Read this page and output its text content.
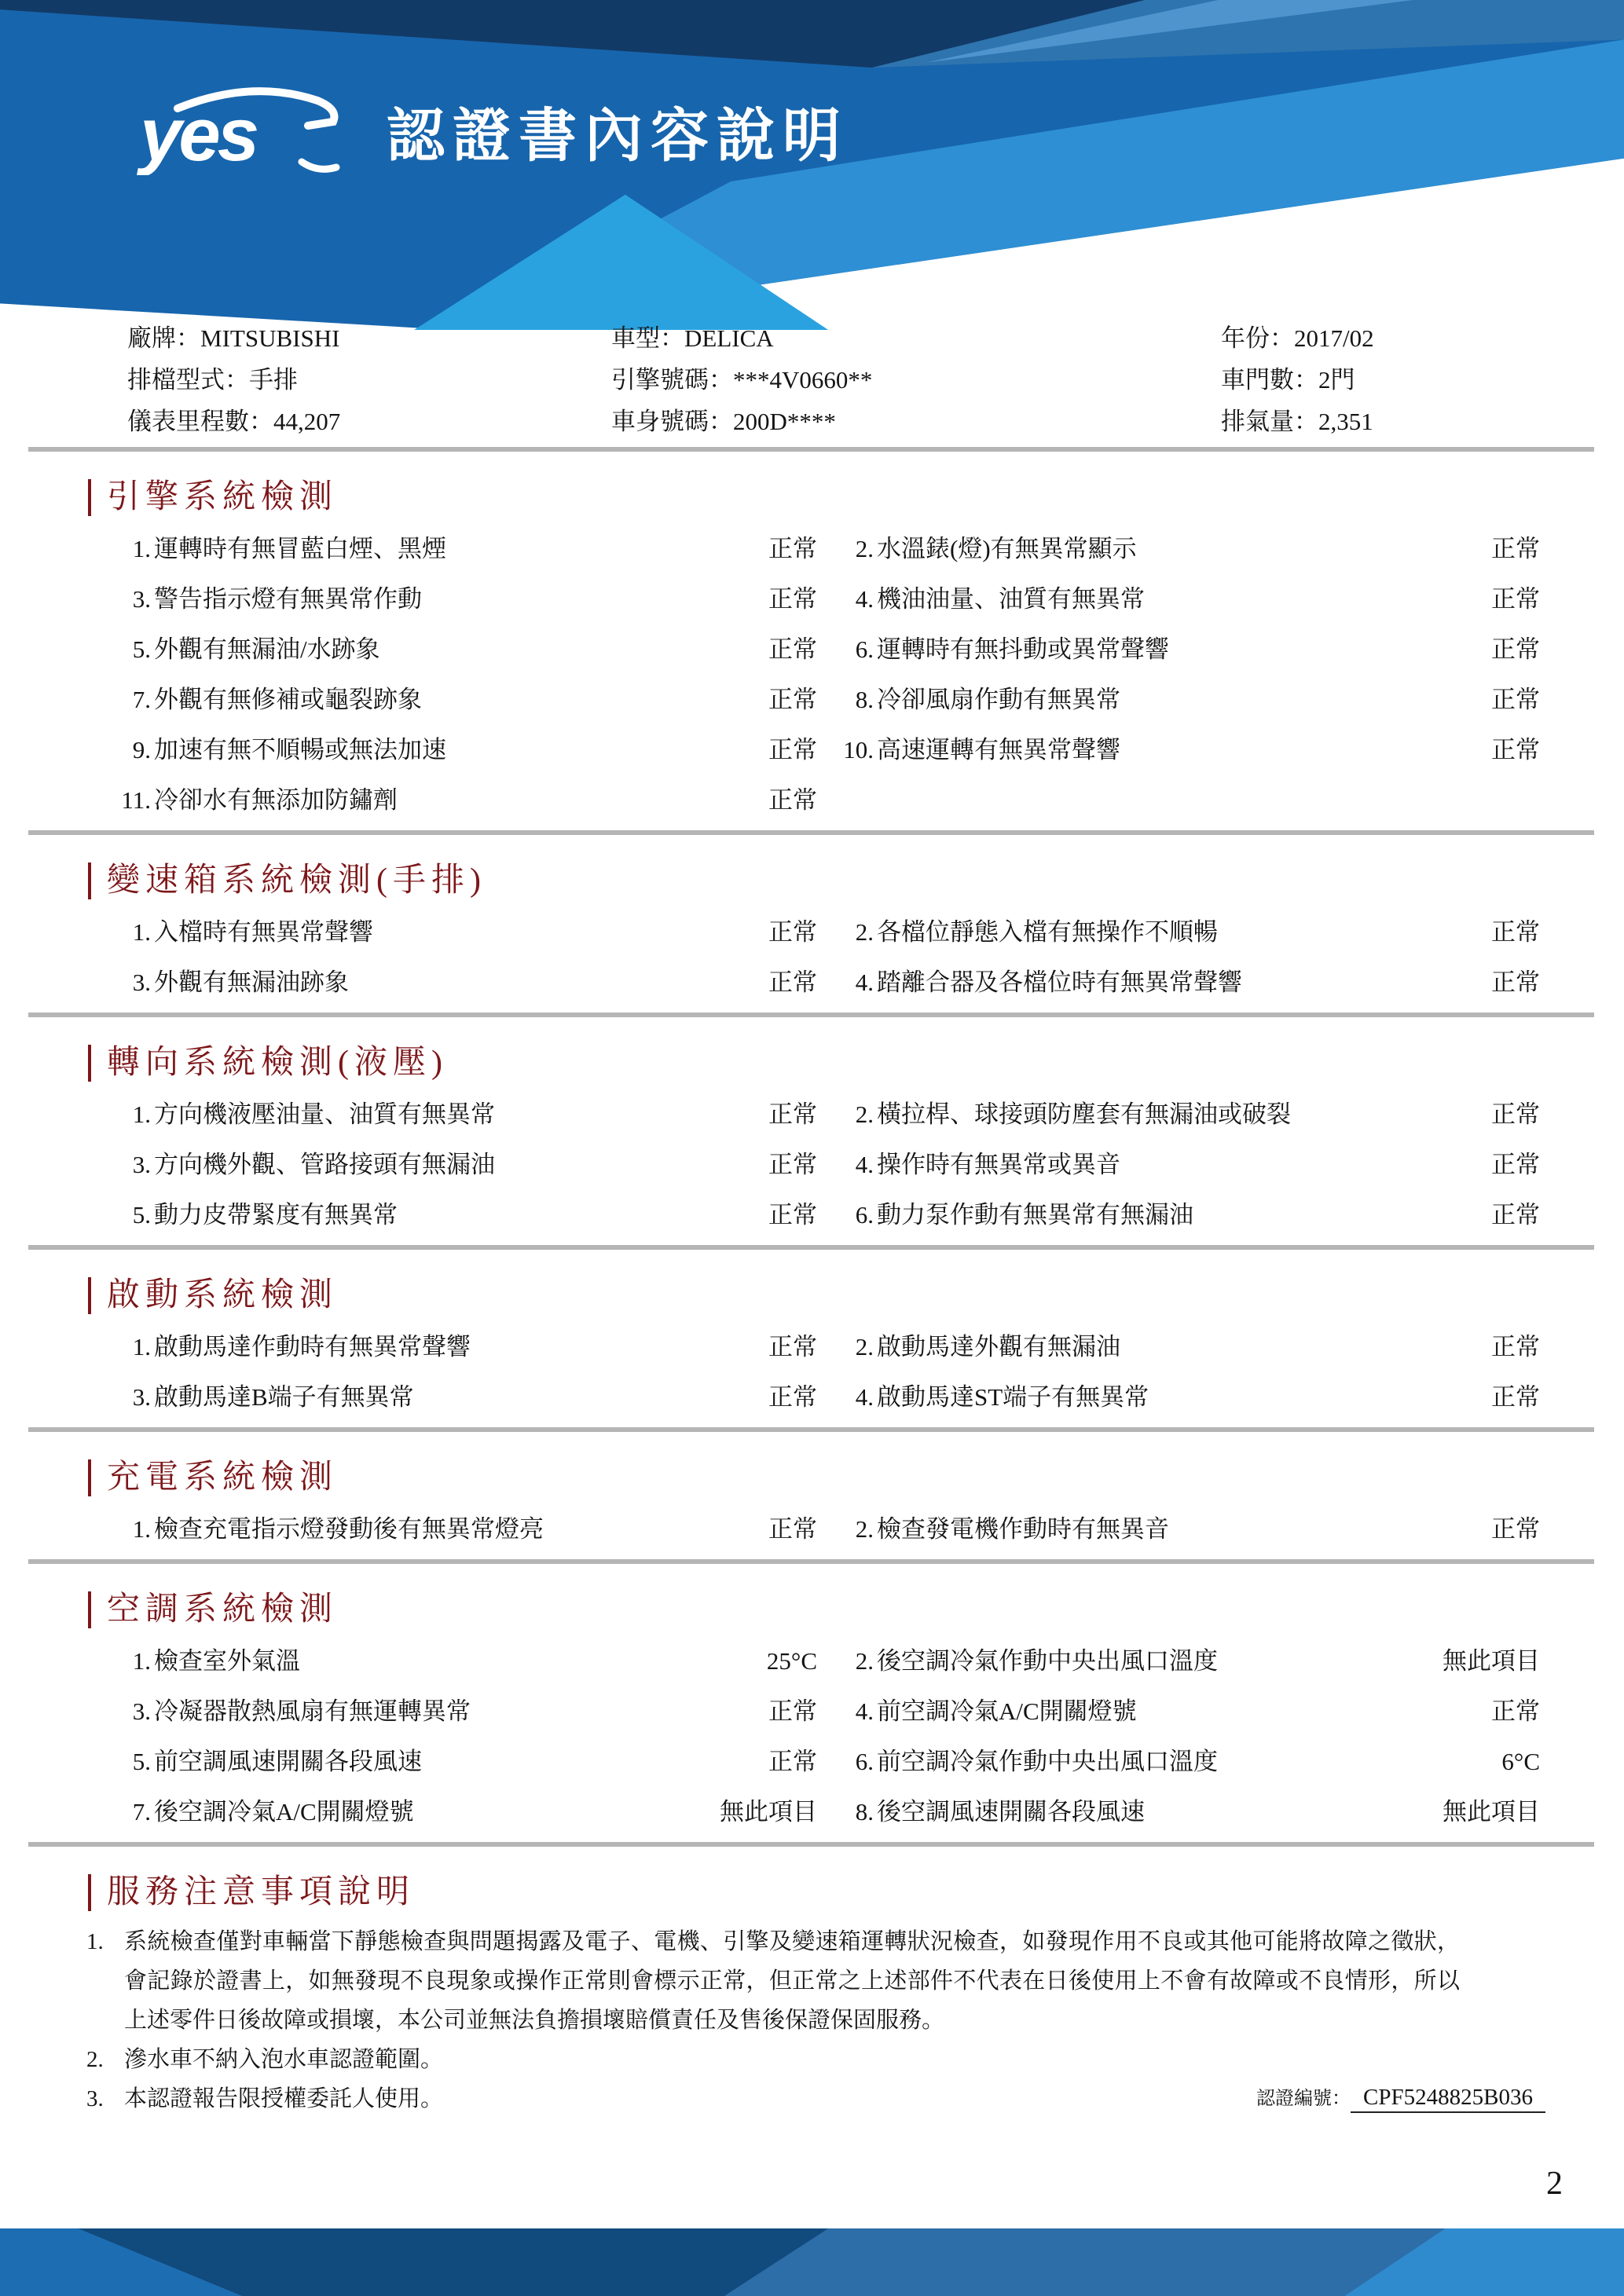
yes 認證書內容說明
廠牌：MITSUBISHI	車型：DELICA	年份：2017/02
排檔型式：手排	引擎號碼：***4V0660**	車門數：2門
儀表里程數：44,207	車身號碼：200D****	排氣量：2,351
引擎系統檢測
1. 運轉時有無冒藍白煙、黑煙	正常	2. 水溫錶(燈)有無異常顯示	正常
3. 警告指示燈有無異常作動	正常	4. 機油油量、油質有無異常	正常
5. 外觀有無漏油/水跡象	正常	6. 運轉時有無抖動或異常聲響	正常
7. 外觀有無修補或龜裂跡象	正常	8. 冷卻風扇作動有無異常	正常
9. 加速有無不順暢或無法加速	正常	10. 高速運轉有無異常聲響	正常
11. 冷卻水有無添加防鏽劑	正常
變速箱系統檢測(手排)
1. 入檔時有無異常聲響	正常	2. 各檔位靜態入檔有無操作不順暢	正常
3. 外觀有無漏油跡象	正常	4. 踏離合器及各檔位時有無異常聲響	正常
轉向系統檢測(液壓)
1. 方向機液壓油量、油質有無異常	正常	2. 橫拉桿、球接頭防塵套有無漏油或破裂	正常
3. 方向機外觀、管路接頭有無漏油	正常	4. 操作時有無異常或異音	正常
5. 動力皮帶緊度有無異常	正常	6. 動力泵作動有無異常有無漏油	正常
啟動系統檢測
1. 啟動馬達作動時有無異常聲響	正常	2. 啟動馬達外觀有無漏油	正常
3. 啟動馬達B端子有無異常	正常	4. 啟動馬達ST端子有無異常	正常
充電系統檢測
1. 檢查充電指示燈發動後有無異常燈亮	正常	2. 檢查發電機作動時有無異音	正常
空調系統檢測
1. 檢查室外氣溫	25°C	2. 後空調冷氣作動中央出風口溫度	無此項目
3. 冷凝器散熱風扇有無運轉異常	正常	4. 前空調冷氣A/C開關燈號	正常
5. 前空調風速開關各段風速	正常	6. 前空調冷氣作動中央出風口溫度	6°C
7. 後空調冷氣A/C開關燈號	無此項目	8. 後空調風速開關各段風速	無此項目
服務注意事項說明
1. 系統檢查僅對車輛當下靜態檢查與問題揭露及電子、電機、引擎及變速箱運轉狀況檢查，如發現作用不良或其他可能將故障之徵狀，會記錄於證書上，如無發現不良現象或操作正常則會標示正常，但正常之上述部件不代表在日後使用上不會有故障或不良情形，所以上述零件日後故障或損壞，本公司並無法負擔損壞賠償責任及售後保證保固服務。
2. 滲水車不納入泡水車認證範圍。
3. 本認證報告限授權委託人使用。	認證編號： CPF5248825B036
2
